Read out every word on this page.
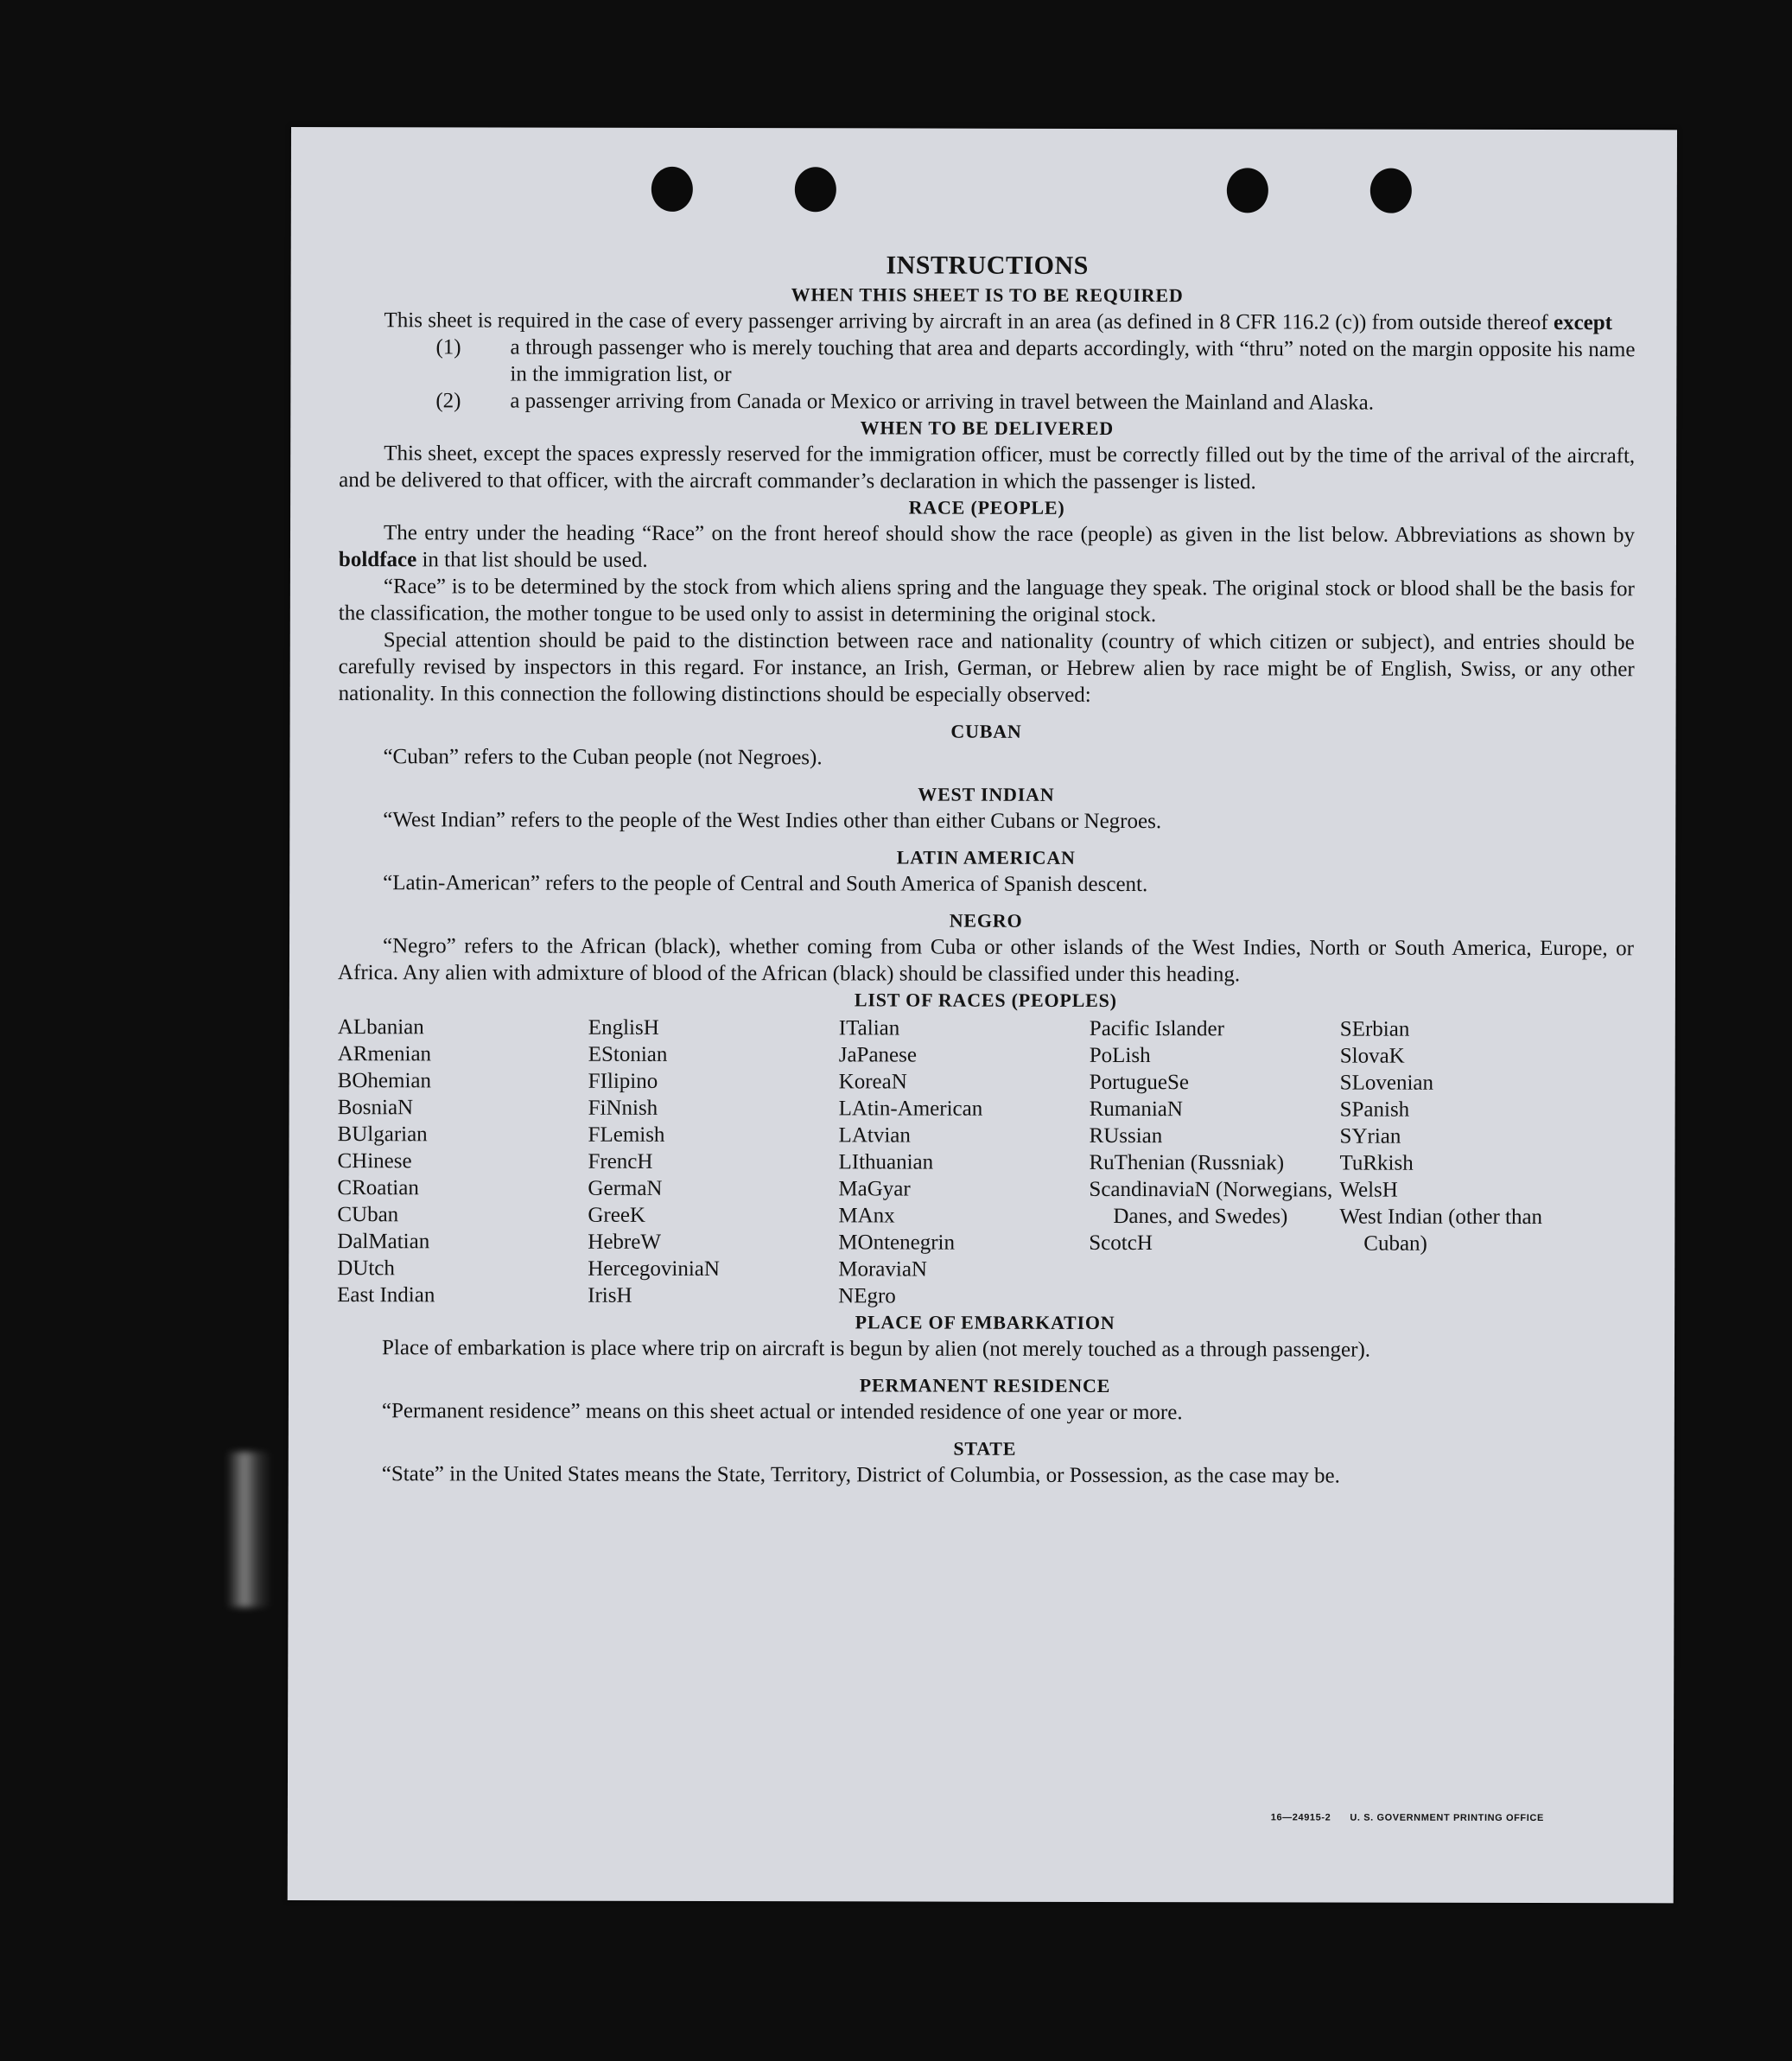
INSTRUCTIONS
WHEN THIS SHEET IS TO BE REQUIRED

This sheet is required in the case of every passenger arriving by aircraft in an area (as defined in 8 CFR 116.2 (c)) from outside thereof except

(1) a through passenger who is merely touching that area and departs accordingly, with “thru” noted on the margin opposite his name in the immigration list, or

(2) a passenger arriving from Canada or Mexico or arriving in travel between the Mainland and Alaska.

WHEN TO BE DELIVERED

This sheet, except the spaces expressly reserved for the immigration officer, must be correctly filled out by the time of the arrival of the aircraft, and be delivered to that officer, with the aircraft commander’s declaration in which the passenger is listed.

RACE (PEOPLE)

The entry under the heading “Race” on the front hereof should show the race (people) as given in the list below. Abbreviations as shown by boldface in that list should be used.

“Race” is to be determined by the stock from which aliens spring and the language they speak. The original stock or blood shall be the basis for the classification, the mother tongue to be used only to assist in determining the original stock.

Special attention should be paid to the distinction between race and nationality (country of which citizen or subject), and entries should be carefully revised by inspectors in this regard. For instance, an Irish, German, or Hebrew alien by race might be of English, Swiss, or any other nationality. In this connection the following distinctions should be especially observed:

CUBAN

“Cuban” refers to the Cuban people (not Negroes).

WEST INDIAN

“West Indian” refers to the people of the West Indies other than either Cubans or Negroes.

LATIN AMERICAN

“Latin-American” refers to the people of Central and South America of Spanish descent.

NEGRO

“Negro” refers to the African (black), whether coming from Cuba or other islands of the West Indies, North or South America, Europe, or Africa. Any alien with admixture of blood of the African (black) should be classified under this heading.

LIST OF RACES (PEOPLES)
ALbanian
ARmenian
BOhemian
BosniaN
BUlgarian
CHinese
CRoatian
CUban
DalMatian
DUtch
East Indian
EnglisH
EStonian
FIlipino
FiNnish
FLemish
FrencH
GermaN
GreeK
HebreW
HercegoviniaN
IrisH
ITalian
JaPanese
KoreaN
LAtin-American
LAtvian
LIthuanian
MaGyar
MAnx
MOntenegrin
MoraviaN
NEgro
Pacific Islander
PoLish
PortugueSe
RumaniaN
RUssian
RuThenian (Russniak)
ScandinaviaN (Norwegians, Danes, and Swedes)
ScotcH
SErbian
SlovaK
SLovenian
SPanish
SYrian
TuRkish
WelsH
West Indian (other than Cuban)
PLACE OF EMBARKATION

Place of embarkation is place where trip on aircraft is begun by alien (not merely touched as a through passenger).

PERMANENT RESIDENCE

“Permanent residence” means on this sheet actual or intended residence of one year or more.

STATE

“State” in the United States means the State, Territory, District of Columbia, or Possession, as the case may be.

16—24915-2 U. S. GOVERNMENT PRINTING OFFICE
